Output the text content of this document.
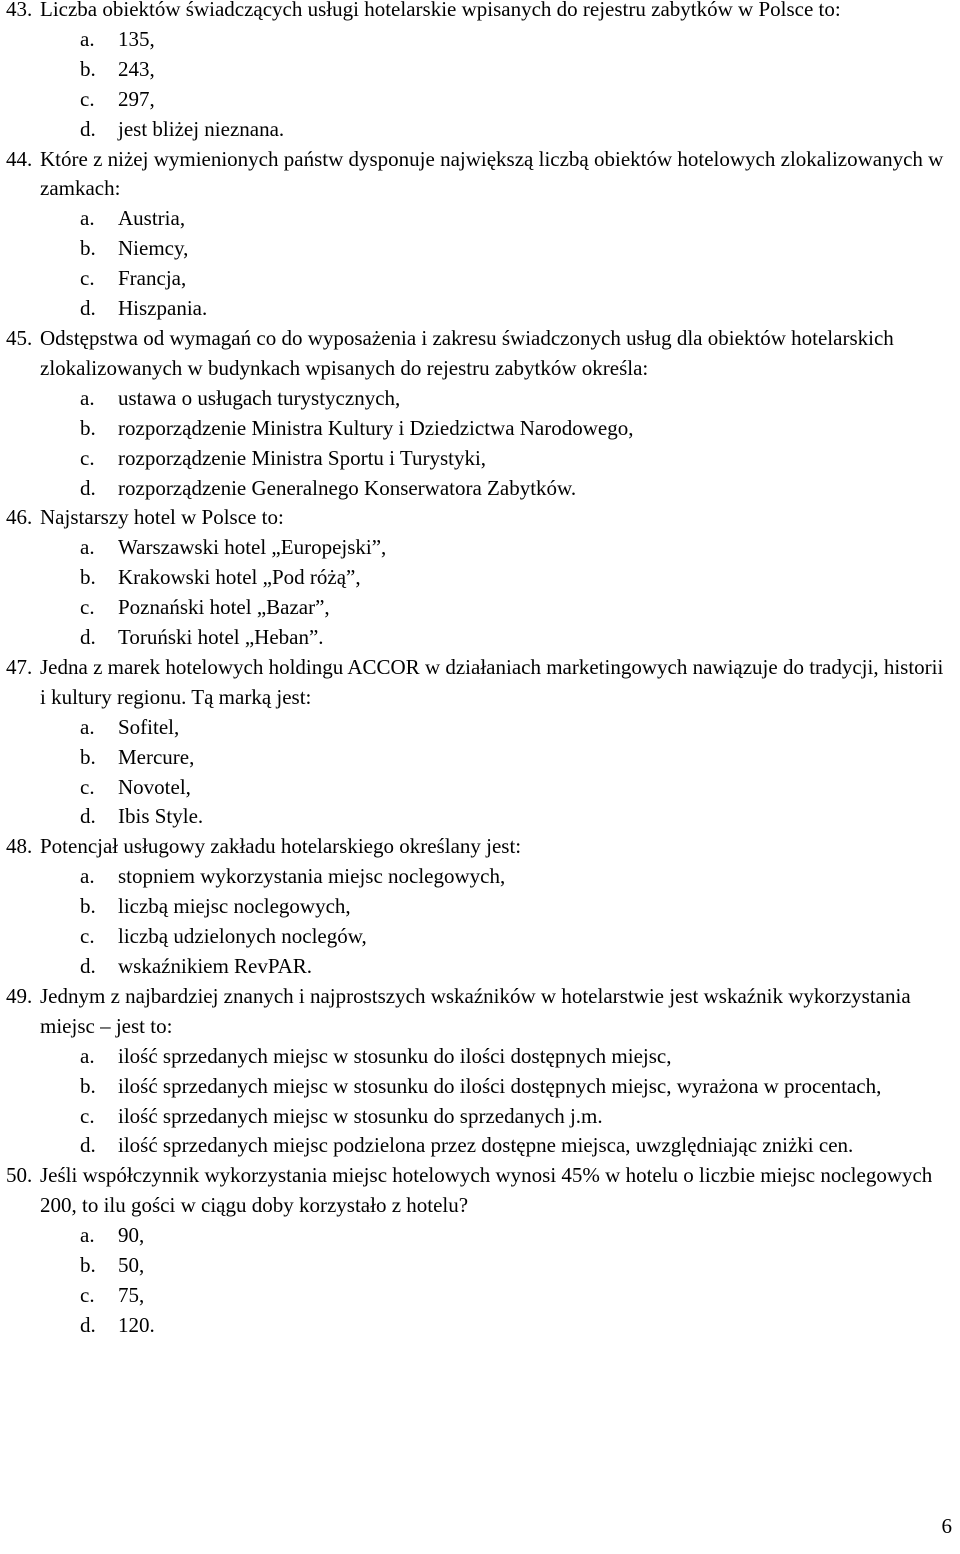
43. Liczba obiektów świadczących usługi hotelarskie wpisanych do rejestru zabytków w Polsce to:
a.	135,
b.	243,
c.	297,
d.	jest bliżej nieznana.
44. Które z niżej wymienionych państw dysponuje największą liczbą obiektów hotelowych zlokalizowanych w zamkach:
a.	Austria,
b.	Niemcy,
c.	Francja,
d.	Hiszpania.
45. Odstępstwa od wymagań co do wyposażenia i zakresu świadczonych usług dla obiektów hotelarskich zlokalizowanych w budynkach wpisanych do rejestru zabytków określa:
a.	ustawa o usługach turystycznych,
b.	rozporządzenie Ministra Kultury i Dziedzictwa Narodowego,
c.	rozporządzenie Ministra Sportu i Turystyki,
d.	rozporządzenie Generalnego Konserwatora Zabytków.
46. Najstarszy hotel w Polsce to:
a.	Warszawski hotel „Europejski”,
b.	Krakowski hotel „Pod różą”,
c.	Poznański hotel „Bazar”,
d.	Toruński hotel „Heban”.
47. Jedna z marek hotelowych holdingu ACCOR w działaniach marketingowych nawiązuje do tradycji, historii i kultury regionu. Tą marką jest:
a.	Sofitel,
b.	Mercure,
c.	Novotel,
d.	Ibis Style.
48. Potencjał usługowy zakładu hotelarskiego określany jest:
a.	stopniem wykorzystania miejsc noclegowych,
b.	liczbą miejsc noclegowych,
c.	liczbą udzielonych noclegów,
d.	wskaźnikiem RevPAR.
49. Jednym z najbardziej znanych i najprostszych wskaźników w hotelarstwie jest wskaźnik wykorzystania miejsc – jest to:
a.	ilość sprzedanych miejsc w stosunku do ilości dostępnych miejsc,
b.	ilość sprzedanych miejsc w stosunku do ilości dostępnych miejsc, wyrażona w procentach,
c.	ilość sprzedanych miejsc w stosunku do sprzedanych j.m.
d.	ilość sprzedanych miejsc podzielona przez dostępne miejsca, uwzględniając zniżki cen.
50. Jeśli współczynnik wykorzystania miejsc hotelowych wynosi 45% w hotelu o liczbie miejsc noclegowych 200, to ilu gości w ciągu doby korzystało z hotelu?
a.	90,
b.	50,
c.	75,
d.	120.
6
